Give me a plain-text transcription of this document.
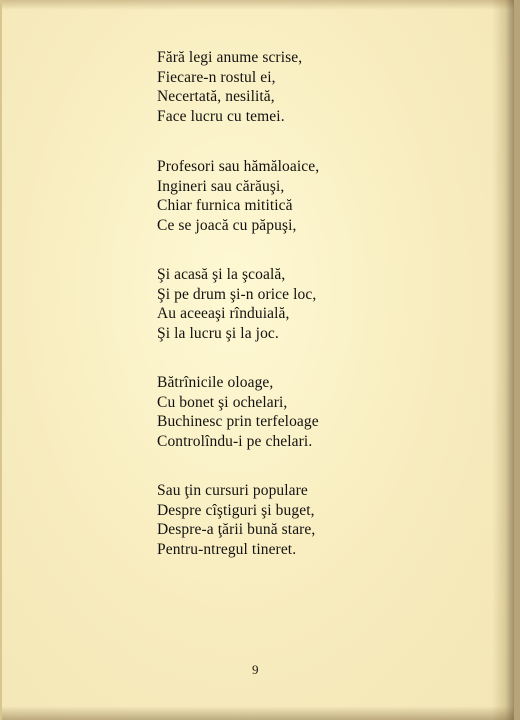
Fără legi anume scrise,
Fiecare-n rostul ei,
Necertată, nesilită,
Face lucru cu temei.

Profesori sau hămăloaice,
Ingineri sau cărăuşi,
Chiar furnica mititică
Ce se joacă cu păpuşi,

Şi acasă şi la şcoală,
Şi pe drum şi-n orice loc,
Au aceeaşi rînduială,
Şi la lucru şi la joc.

Bătrînicile oloage,
Cu bonet şi ochelari,
Buchinesc prin terfeloage
Controlîndu-i pe chelari.

Sau ţin cursuri populare
Despre cîştiguri şi buget,
Despre-a ţării bună stare,
Pentru-ntregul tineret.

9
